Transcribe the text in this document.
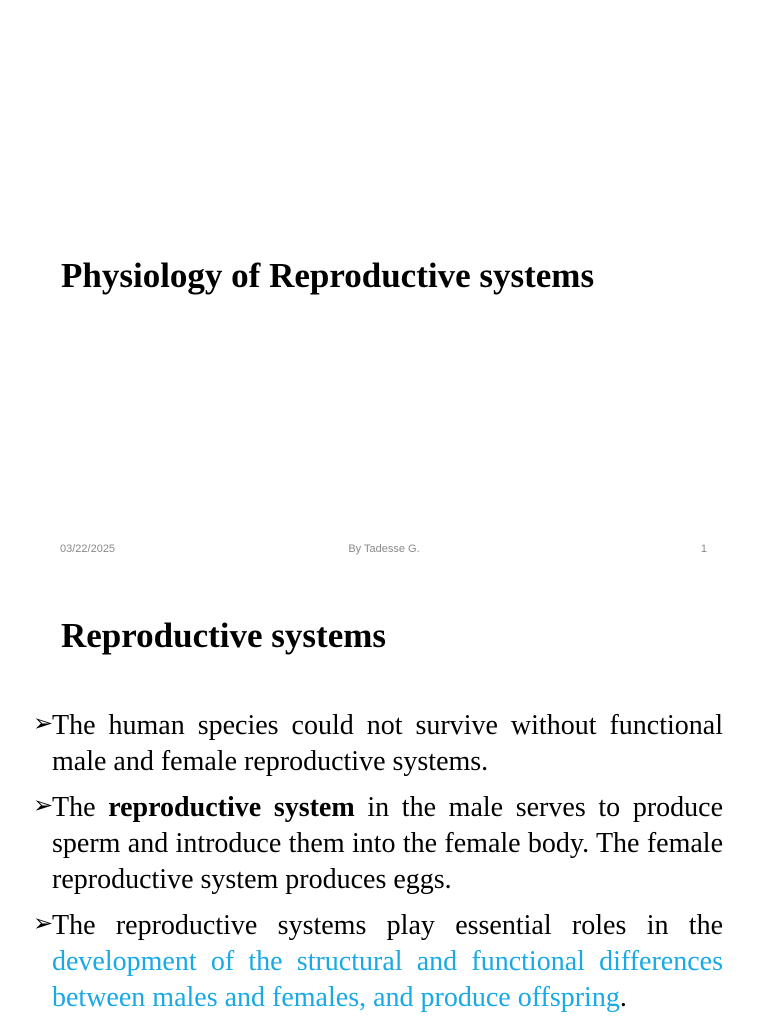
Physiology of Reproductive systems
03/22/2025	By Tadesse G.	1
Reproductive systems
➢
The human species could not survive without functional male and female reproductive systems.
➢
The reproductive system in the male serves to produce sperm and introduce them into the female body. The female reproductive system produces eggs.
➢
The reproductive systems play essential roles in the development of the structural and functional differences between males and females, and produce offspring.
